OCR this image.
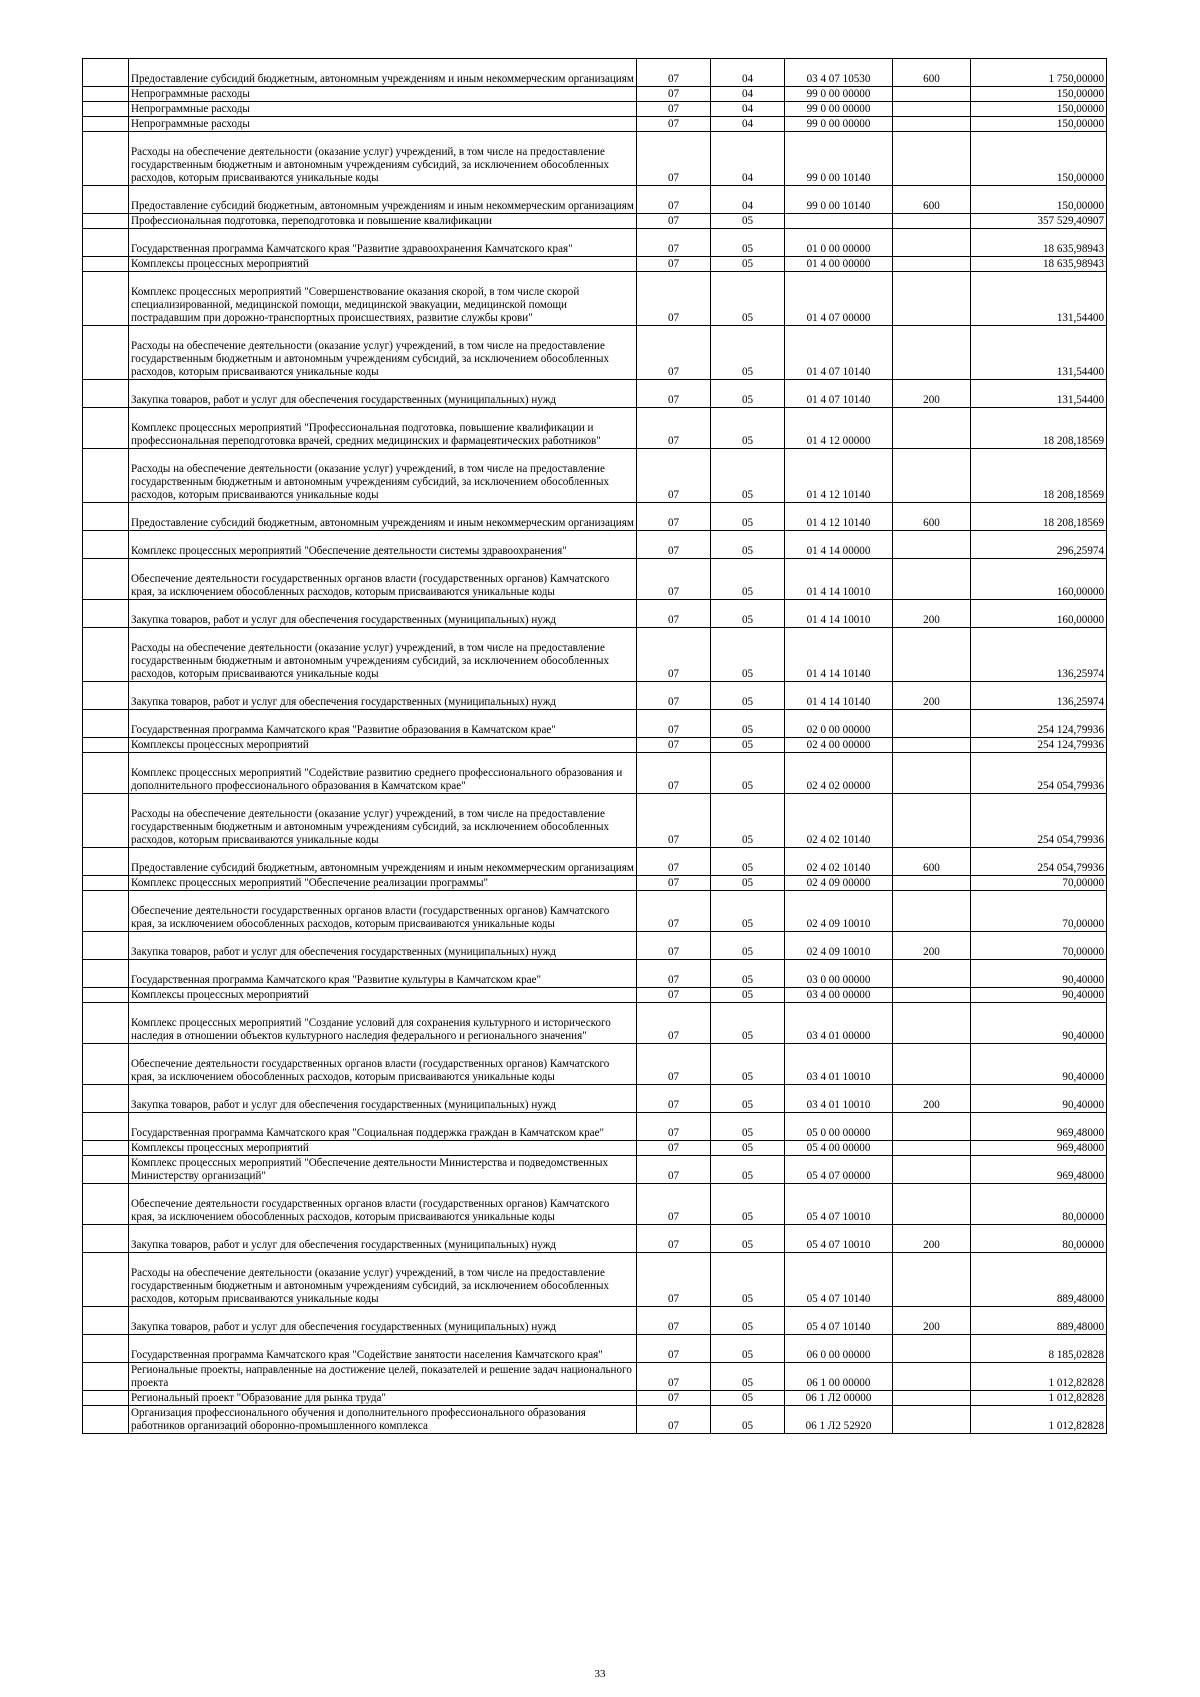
	Предоставление субсидий бюджетным, автономным учреждениям и иным некоммерческим организациям	07	04	03 4 07 10530	600	1 750,00000
	Непрограммные расходы	07	04	99 0 00 00000		150,00000
	Непрограммные расходы	07	04	99 0 00 00000		150,00000
	Непрограммные расходы	07	04	99 0 00 00000		150,00000
	Расходы на обеспечение деятельности (оказание услуг) учреждений, в том числе на предоставление государственным бюджетным и автономным учреждениям субсидий, за исключением обособленных расходов, которым присваиваются уникальные коды	07	04	99 0 00 10140		150,00000
	Предоставление субсидий бюджетным, автономным учреждениям и иным некоммерческим организациям	07	04	99 0 00 10140	600	150,00000
	Профессиональная подготовка, переподготовка и повышение квалификации	07	05			357 529,40907
	Государственная программа Камчатского края "Развитие здравоохранения Камчатского края"	07	05	01 0 00 00000		18 635,98943
	Комплексы процессных мероприятий	07	05	01 4 00 00000		18 635,98943
	Комплекс процессных мероприятий "Совершенствование оказания скорой, в том числе скорой специализированной, медицинской помощи, медицинской эвакуации, медицинской помощи пострадавшим при дорожно-транспортных происшествиях, развитие службы крови"	07	05	01 4 07 00000		131,54400
	Расходы на обеспечение деятельности (оказание услуг) учреждений, в том числе на предоставление государственным бюджетным и автономным учреждениям субсидий, за исключением обособленных расходов, которым присваиваются уникальные коды	07	05	01 4 07 10140		131,54400
	Закупка товаров, работ и услуг для обеспечения государственных (муниципальных) нужд	07	05	01 4 07 10140	200	131,54400
	Комплекс процессных мероприятий "Профессиональная подготовка, повышение квалификации и профессиональная переподготовка врачей, средних медицинских и фармацевтических работников"	07	05	01 4 12 00000		18 208,18569
	Расходы на обеспечение деятельности (оказание услуг) учреждений, в том числе на предоставление государственным бюджетным и автономным учреждениям субсидий, за исключением обособленных расходов, которым присваиваются уникальные коды	07	05	01 4 12 10140		18 208,18569
	Предоставление субсидий бюджетным, автономным учреждениям и иным некоммерческим организациям	07	05	01 4 12 10140	600	18 208,18569
	Комплекс процессных мероприятий "Обеспечение деятельности системы здравоохранения"	07	05	01 4 14 00000		296,25974
	Обеспечение деятельности государственных органов власти (государственных органов) Камчатского края, за исключением обособленных расходов, которым присваиваются уникальные коды	07	05	01 4 14 10010		160,00000
	Закупка товаров, работ и услуг для обеспечения государственных (муниципальных) нужд	07	05	01 4 14 10010	200	160,00000
	Расходы на обеспечение деятельности (оказание услуг) учреждений, в том числе на предоставление государственным бюджетным и автономным учреждениям субсидий, за исключением обособленных расходов, которым присваиваются уникальные коды	07	05	01 4 14 10140		136,25974
	Закупка товаров, работ и услуг для обеспечения государственных (муниципальных) нужд	07	05	01 4 14 10140	200	136,25974
	Государственная программа Камчатского края "Развитие образования в Камчатском крае"	07	05	02 0 00 00000		254 124,79936
	Комплексы процессных мероприятий	07	05	02 4 00 00000		254 124,79936
	Комплекс процессных мероприятий "Содействие развитию среднего профессионального образования и дополнительного профессионального образования в Камчатском крае"	07	05	02 4 02 00000		254 054,79936
	Расходы на обеспечение деятельности (оказание услуг) учреждений, в том числе на предоставление государственным бюджетным и автономным учреждениям субсидий, за исключением обособленных расходов, которым присваиваются уникальные коды	07	05	02 4 02 10140		254 054,79936
	Предоставление субсидий бюджетным, автономным учреждениям и иным некоммерческим организациям	07	05	02 4 02 10140	600	254 054,79936
	Комплекс процессных мероприятий "Обеспечение реализации программы"	07	05	02 4 09 00000		70,00000
	Обеспечение деятельности государственных органов власти (государственных органов) Камчатского края, за исключением обособленных расходов, которым присваиваются уникальные коды	07	05	02 4 09 10010		70,00000
	Закупка товаров, работ и услуг для обеспечения государственных (муниципальных) нужд	07	05	02 4 09 10010	200	70,00000
	Государственная программа Камчатского края "Развитие культуры в Камчатском крае"	07	05	03 0 00 00000		90,40000
	Комплексы процессных мероприятий	07	05	03 4 00 00000		90,40000
	Комплекс процессных мероприятий "Создание условий для сохранения культурного и исторического наследия в отношении объектов культурного наследия федерального и регионального значения"	07	05	03 4 01 00000		90,40000
	Обеспечение деятельности государственных органов власти (государственных органов) Камчатского края, за исключением обособленных расходов, которым присваиваются уникальные коды	07	05	03 4 01 10010		90,40000
	Закупка товаров, работ и услуг для обеспечения государственных (муниципальных) нужд	07	05	03 4 01 10010	200	90,40000
	Государственная программа Камчатского края "Социальная поддержка граждан в Камчатском крае"	07	05	05 0 00 00000		969,48000
	Комплексы процессных мероприятий	07	05	05 4 00 00000		969,48000
	Комплекс процессных мероприятий "Обеспечение деятельности Министерства и подведомственных Министерству организаций"	07	05	05 4 07 00000		969,48000
	Обеспечение деятельности государственных органов власти (государственных органов) Камчатского края, за исключением обособленных расходов, которым присваиваются уникальные коды	07	05	05 4 07 10010		80,00000
	Закупка товаров, работ и услуг для обеспечения государственных (муниципальных) нужд	07	05	05 4 07 10010	200	80,00000
	Расходы на обеспечение деятельности (оказание услуг) учреждений, в том числе на предоставление государственным бюджетным и автономным учреждениям субсидий, за исключением обособленных расходов, которым присваиваются уникальные коды	07	05	05 4 07 10140		889,48000
	Закупка товаров, работ и услуг для обеспечения государственных (муниципальных) нужд	07	05	05 4 07 10140	200	889,48000
	Государственная программа Камчатского края "Содействие занятости населения Камчатского края"	07	05	06 0 00 00000		8 185,02828
	Региональные проекты, направленные на достижение целей, показателей и решение задач национального проекта	07	05	06 1 00 00000		1 012,82828
	Региональный проект "Образование для рынка труда"	07	05	06 1 Л2 00000		1 012,82828
	Организация профессионального обучения и дополнительного профессионального образования работников организаций оборонно-промышленного комплекса	07	05	06 1 Л2 52920		1 012,82828
33
